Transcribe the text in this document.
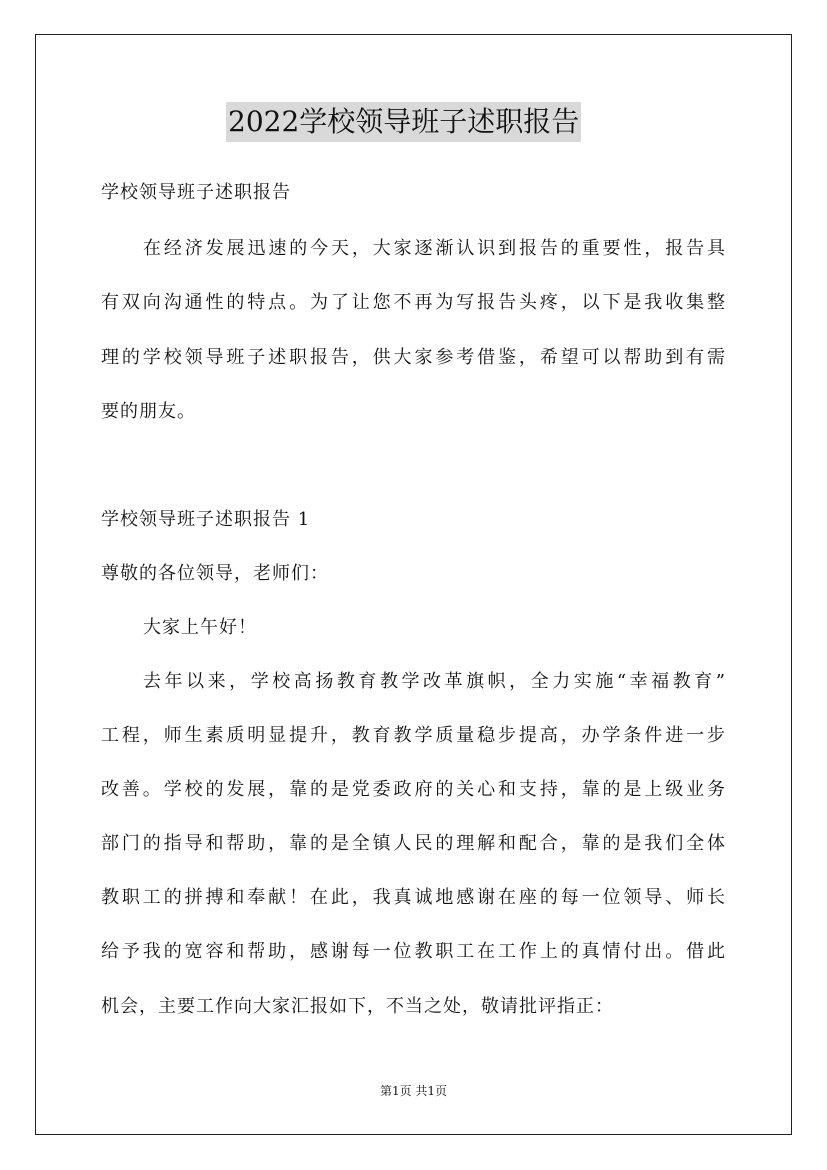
2022学校领导班子述职报告
学校领导班子述职报告
在经济发展迅速的今天，大家逐渐认识到报告的重要性，报告具
有双向沟通性的特点。为了让您不再为写报告头疼，以下是我收集整
理的学校领导班子述职报告，供大家参考借鉴，希望可以帮助到有需
要的朋友。
学校领导班子述职报告 1
尊敬的各位领导，老师们：
大家上午好！
去年以来，学校高扬教育教学改革旗帜，全力实施“幸福教育”
工程，师生素质明显提升，教育教学质量稳步提高，办学条件进一步
改善。学校的发展，靠的是党委政府的关心和支持，靠的是上级业务
部门的指导和帮助，靠的是全镇人民的理解和配合，靠的是我们全体
教职工的拼搏和奉献！在此，我真诚地感谢在座的每一位领导、师长
给予我的宽容和帮助，感谢每一位教职工在工作上的真情付出。借此
机会，主要工作向大家汇报如下，不当之处，敬请批评指正：
第1页 共1页
